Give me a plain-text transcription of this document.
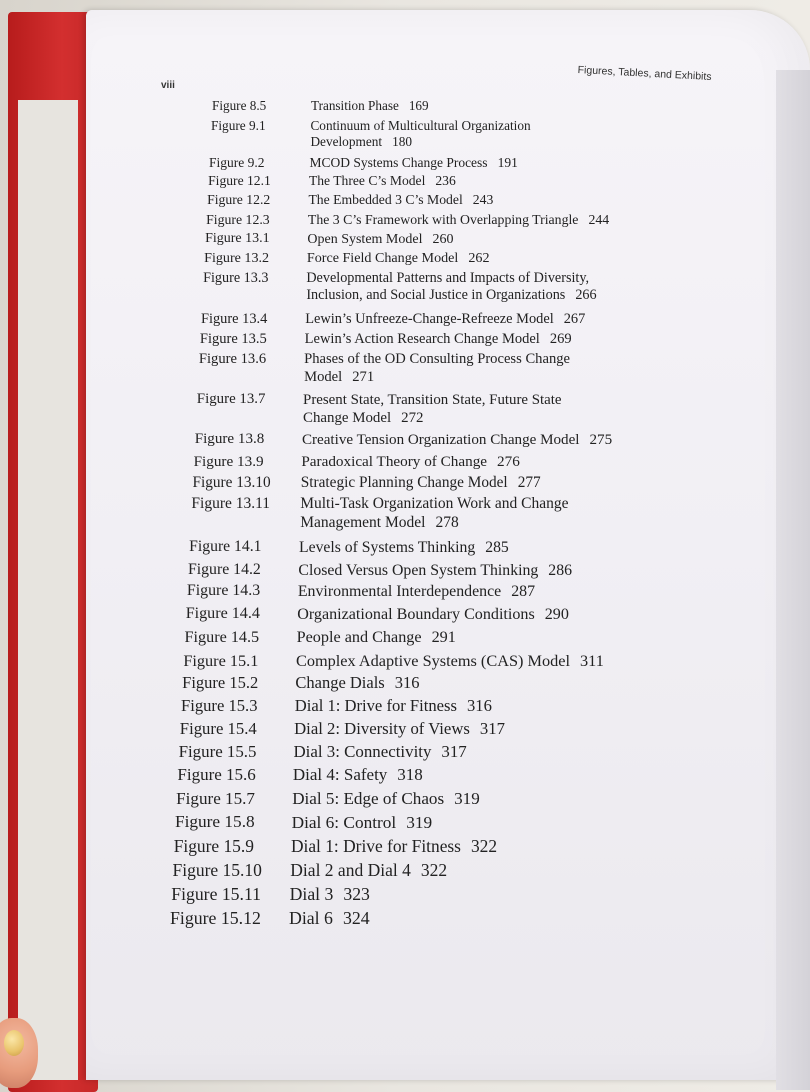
viii
Figures, Tables, and Exhibits
Figure 8.5	Transition Phase 169
Figure 9.1	Continuum of Multicultural Organization
Development 180
Figure 9.2	MCOD Systems Change Process 191
Figure 12.1	The Three C’s Model 236
Figure 12.2	The Embedded 3 C’s Model 243
Figure 12.3	The 3 C’s Framework with Overlapping Triangle 244
Figure 13.1	Open System Model 260
Figure 13.2	Force Field Change Model 262
Figure 13.3	Developmental Patterns and Impacts of Diversity,
Inclusion, and Social Justice in Organizations 266
Figure 13.4	Lewin’s Unfreeze-Change-Refreeze Model 267
Figure 13.5	Lewin’s Action Research Change Model 269
Figure 13.6	Phases of the OD Consulting Process Change
Model 271
Figure 13.7	Present State, Transition State, Future State
Change Model 272
Figure 13.8 Creative Tension Organization Change Model 275
Figure 13.9 Paradoxical Theory of Change 276
Figure 13.10 Strategic Planning Change Model 277
Figure 13.11 Multi-Task Organization Work and Change
Management Model 278
Figure 14.1 Levels of Systems Thinking 285
Figure 14.2 Closed Versus Open System Thinking 286
Figure 14.3 Environmental Interdependence 287
Figure 14.4 Organizational Boundary Conditions 290
Figure 14.5 People and Change 291
Figure 15.1 Complex Adaptive Systems (CAS) Model 311
Figure 15.2 Change Dials 316
Figure 15.3 Dial 1: Drive for Fitness 316
Figure 15.4 Dial 2: Diversity of Views 317
Figure 15.5 Dial 3: Connectivity 317
Figure 15.6 Dial 4: Safety 318
Figure 15.7 Dial 5: Edge of Chaos 319
Figure 15.8 Dial 6: Control 319
Figure 15.9 Dial 1: Drive for Fitness 322
Figure 15.10 Dial 2 and Dial 4 322
Figure 15.11 Dial 3 323
Figure 15.12 Dial 6 324
